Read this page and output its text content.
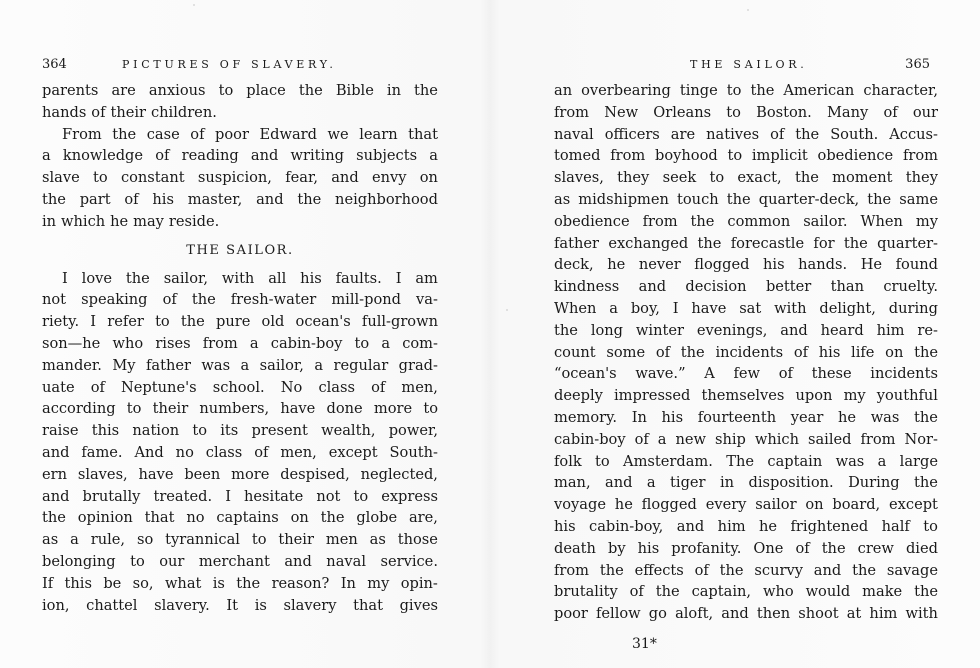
364	PICTURES OF SLAVERY.
parents are anxious to place the Bible in the
hands of their children.
From the case of poor Edward we learn that
a knowledge of reading and writing subjects a
slave to constant suspicion, fear, and envy on
the part of his master, and the neighborhood
in which he may reside.
THE SAILOR.
I love the sailor, with all his faults. I am
not speaking of the fresh-water mill-pond va-
riety. I refer to the pure old ocean's full-grown
son—he who rises from a cabin-boy to a com-
mander. My father was a sailor, a regular grad-
uate of Neptune's school. No class of men,
according to their numbers, have done more to
raise this nation to its present wealth, power,
and fame. And no class of men, except South-
ern slaves, have been more despised, neglected,
and brutally treated. I hesitate not to express
the opinion that no captains on the globe are,
as a rule, so tyrannical to their men as those
belonging to our merchant and naval service.
If this be so, what is the reason? In my opin-
ion, chattel slavery. It is slavery that gives
THE SAILOR.	365
an overbearing tinge to the American character,
from New Orleans to Boston. Many of our
naval officers are natives of the South. Accus-
tomed from boyhood to implicit obedience from
slaves, they seek to exact, the moment they
as midshipmen touch the quarter-deck, the same
obedience from the common sailor. When my
father exchanged the forecastle for the quarter-
deck, he never flogged his hands. He found
kindness and decision better than cruelty.
When a boy, I have sat with delight, during
the long winter evenings, and heard him re-
count some of the incidents of his life on the
“ocean's wave.” A few of these incidents
deeply impressed themselves upon my youthful
memory. In his fourteenth year he was the
cabin-boy of a new ship which sailed from Nor-
folk to Amsterdam. The captain was a large
man, and a tiger in disposition. During the
voyage he flogged every sailor on board, except
his cabin-boy, and him he frightened half to
death by his profanity. One of the crew died
from the effects of the scurvy and the savage
brutality of the captain, who would make the
poor fellow go aloft, and then shoot at him with
31*
